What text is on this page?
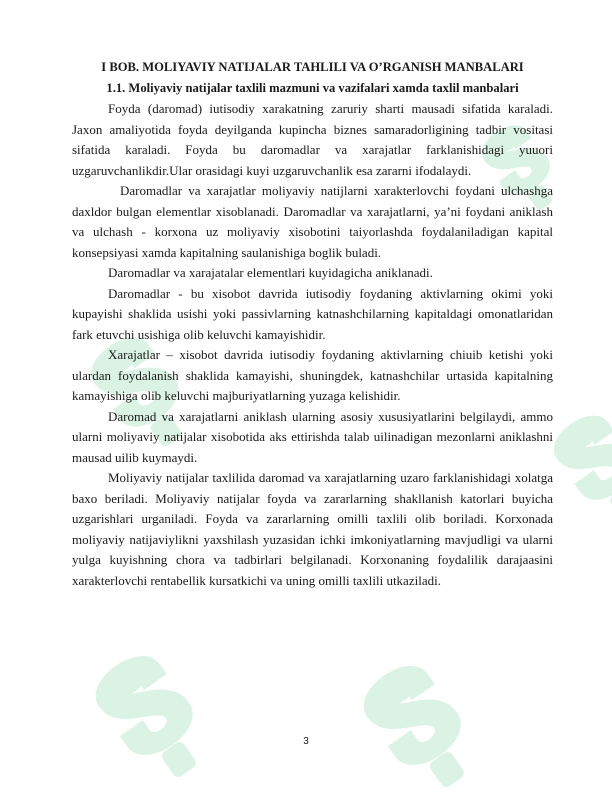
I BOB. MOLIYAVIY NATIJALAR TAHLILI VA O’RGANISH MANBALARI
1.1. Moliyaviy natijalar taxlili mazmuni va vazifalari xamda taxlil manbalari

Foyda (daromad) iutisodiy xarakatning zaruriy sharti mausadi sifatida karaladi. Jaxon amaliyotida foyda deyilganda kupincha biznes samaradorligining tadbir vositasi sifatida karaladi. Foyda bu daromadlar va xarajatlar farklanishidagi yuuori uzgaruvchanlikdir.Ular orasidagi kuyi uzgaruvchanlik esa zararni ifodalaydi.

Daromadlar va xarajatlar moliyaviy natijlarni xarakterlovchi foydani ulchashga daxldor bulgan elementlar xisoblanadi. Daromadlar va xarajatlarni, ya’ni foydani aniklash va ulchash - korxona uz moliyaviy xisobotini taiyorlashda foydalaniladigan kapital konsepsiyasi xamda kapitalning saulanishiga boglik buladi.

Daromadlar va xarajatalar elementlari kuyidagicha aniklanadi.

Daromadlar - bu xisobot davrida iutisodiy foydaning aktivlarning okimi yoki kupayishi shaklida usishi yoki passivlarning katnashchilarning kapitaldagi omonatlaridan fark etuvchi usishiga olib keluvchi kamayishidir.

Xarajatlar – xisobot davrida iutisodiy foydaning aktivlarning chiuib ketishi yoki ulardan foydalanish shaklida kamayishi, shuningdek, katnashchilar urtasida kapitalning kamayishiga olib keluvchi majburiyatlarning yuzaga kelishidir.

Daromad va xarajatlarni aniklash ularning asosiy xususiyatlarini belgilaydi, ammo ularni moliyaviy natijalar xisobotida aks ettirishda talab uilinadigan mezonlarni aniklashni mausad uilib kuymaydi.

Moliyaviy natijalar taxlilida daromad va xarajatlarning uzaro farklanishidagi xolatga baxo beriladi. Moliyaviy natijalar foyda va zararlarning shakllanish katorlari buyicha uzgarishlari urganiladi. Foyda va zararlarning omilli taxlili olib boriladi. Korxonada moliyaviy natijaviylikni yaxshilash yuzasidan ichki imkoniyatlarning mavjudligi va ularni yulga kuyishning chora va tadbirlari belgilanadi. Korxonaning foydalilik darajaasini xarakterlovchi rentabellik kursatkichi va uning omilli taxlili utkaziladi.

3
